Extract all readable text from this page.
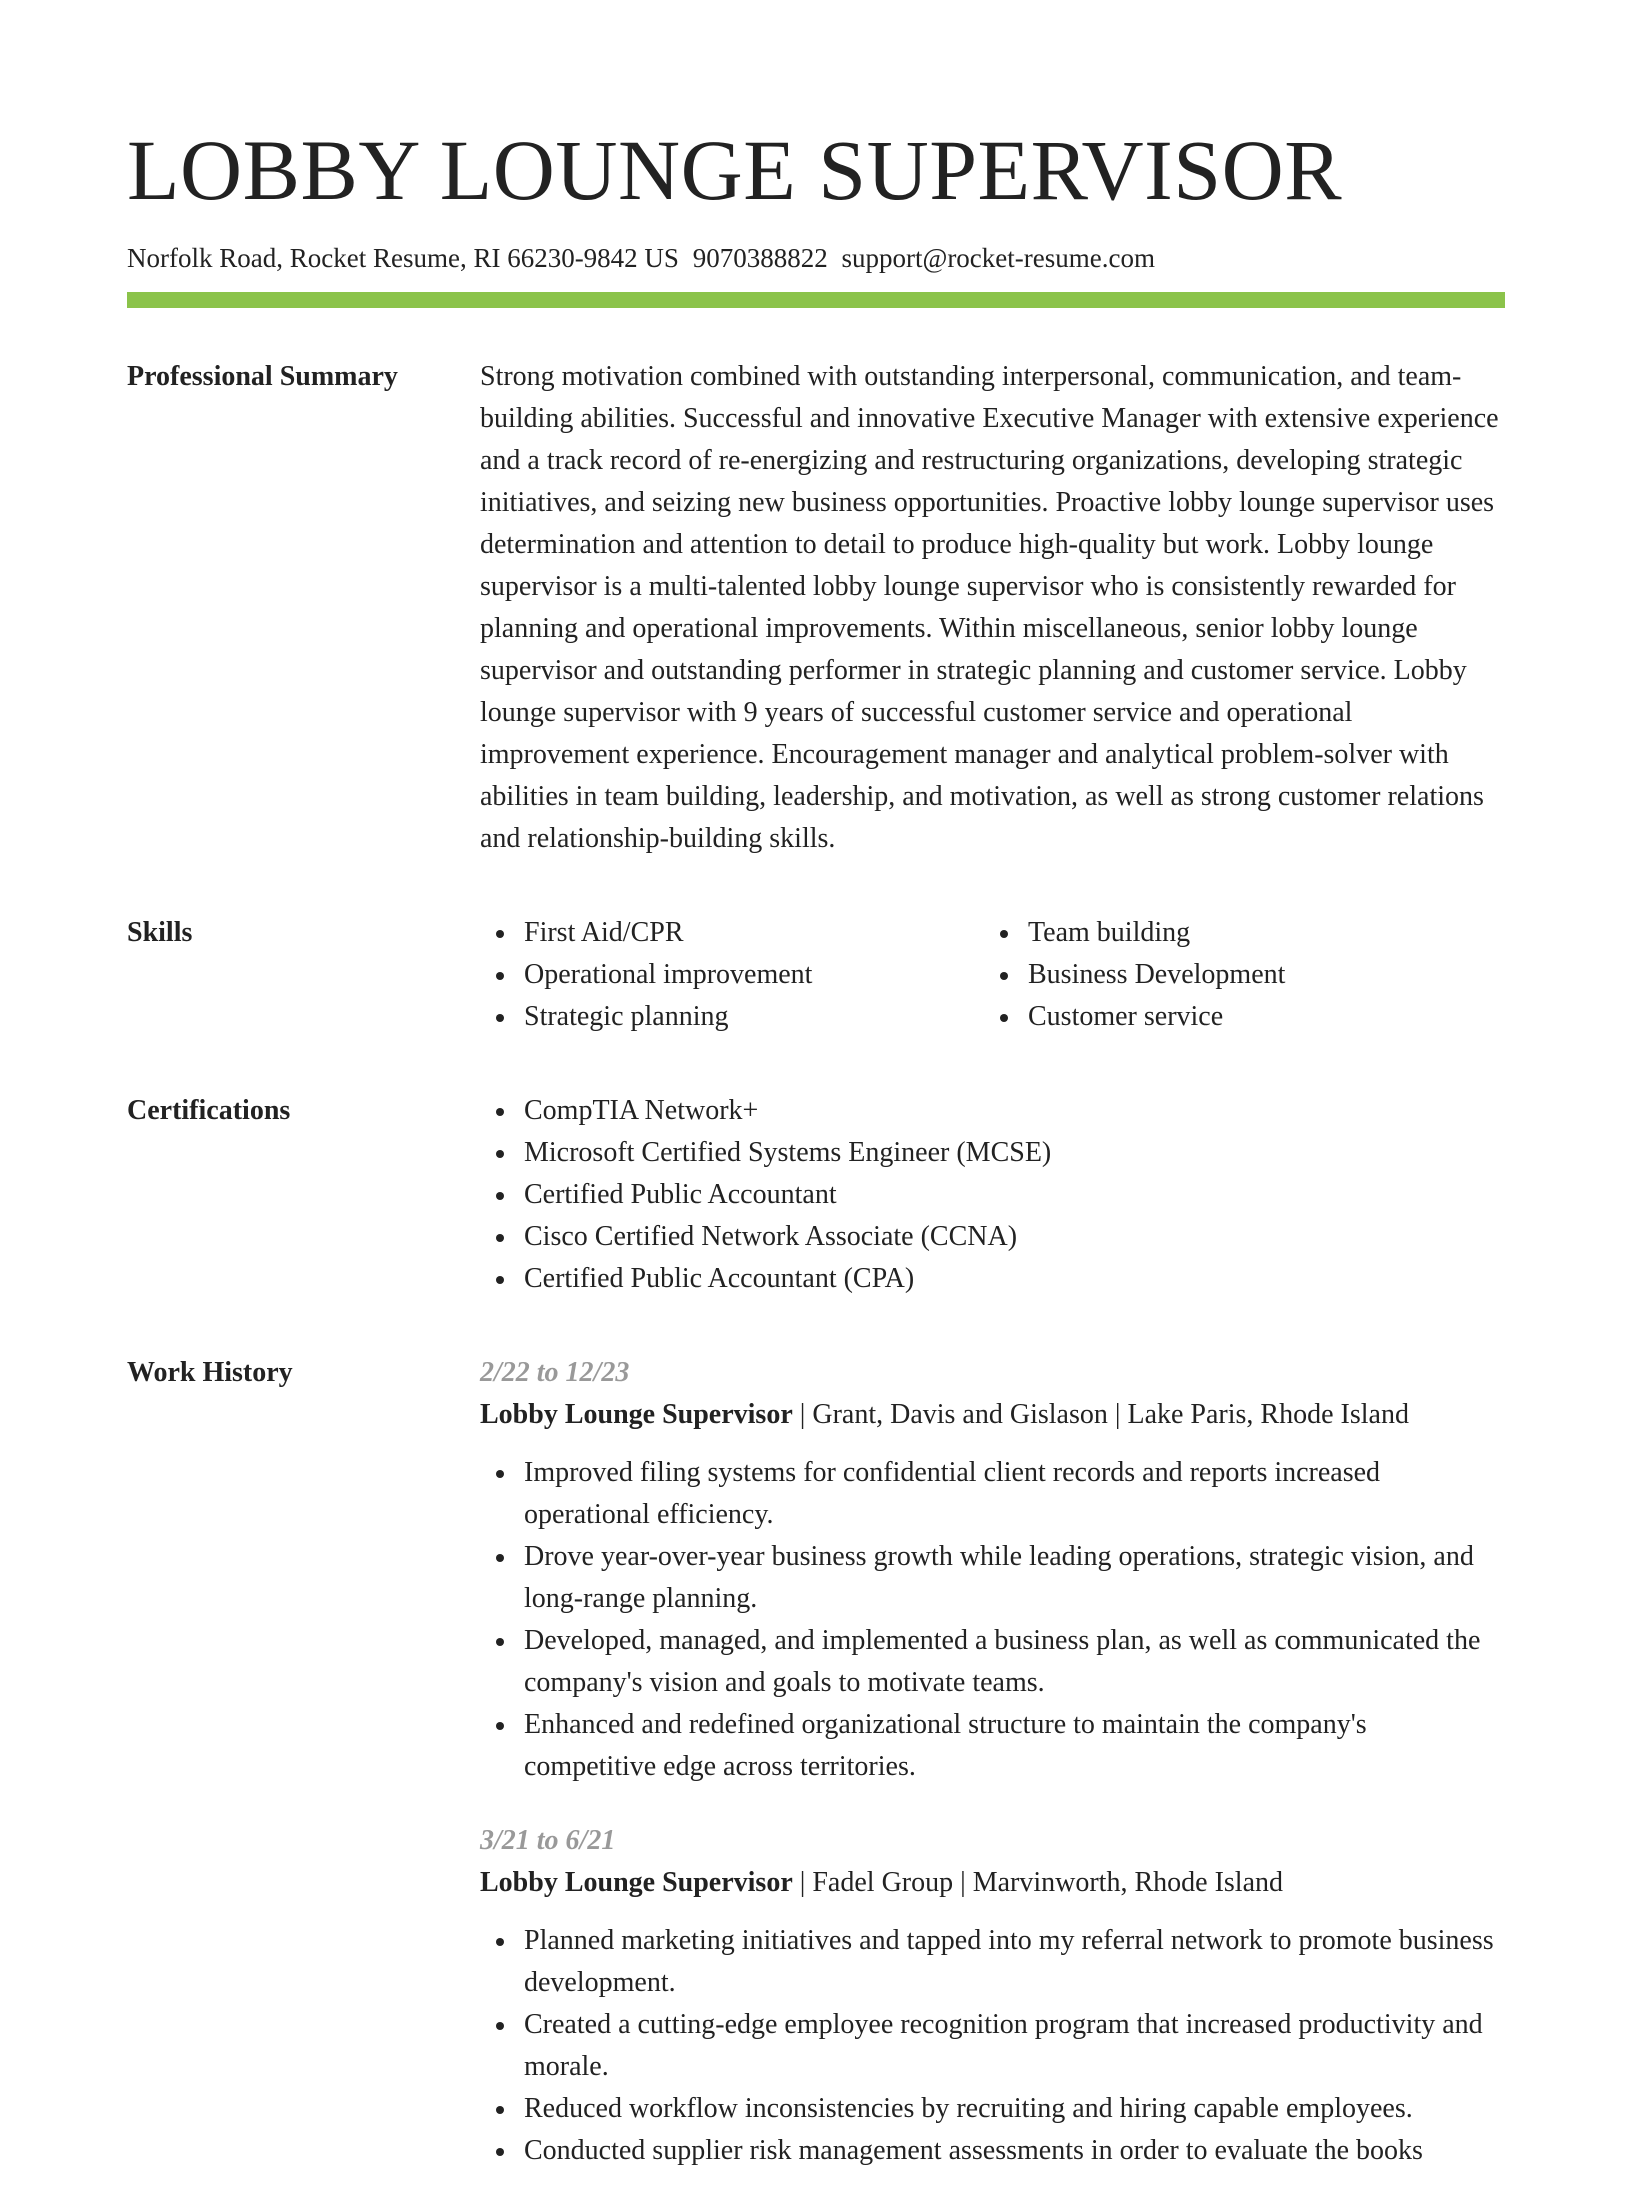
LOBBY LOUNGE SUPERVISOR
Norfolk Road, Rocket Resume, RI 66230-9842 US 9070388822 support@rocket-resume.com
Professional Summary	Strong motivation combined with outstanding interpersonal, communication, and team-building abilities. Successful and innovative Executive Manager with extensive experience and a track record of re-energizing and restructuring organizations, developing strategic initiatives, and seizing new business opportunities. Proactive lobby lounge supervisor uses determination and attention to detail to produce high-quality but work. Lobby lounge supervisor is a multi-talented lobby lounge supervisor who is consistently rewarded for planning and operational improvements. Within miscellaneous, senior lobby lounge supervisor and outstanding performer in strategic planning and customer service. Lobby lounge supervisor with 9 years of successful customer service and operational improvement experience. Encouragement manager and analytical problem-solver with abilities in team building, leadership, and motivation, as well as strong customer relations and relationship-building skills.

Skills	First Aid/CPR
Operational improvement
Strategic planning
Team building
Business Development
Customer service
Certifications	CompTIA Network+
Microsoft Certified Systems Engineer (MCSE)
Certified Public Accountant
Cisco Certified Network Associate (CCNA)
Certified Public Accountant (CPA)
Work History	2/22 to 12/23
Lobby Lounge Supervisor | Grant, Davis and Gislason | Lake Paris, Rhode Island
Improved filing systems for confidential client records and reports increased operational efficiency.
Drove year-over-year business growth while leading operations, strategic vision, and long-range planning.
Developed, managed, and implemented a business plan, as well as communicated the company's vision and goals to motivate teams.
Enhanced and redefined organizational structure to maintain the company's competitive edge across territories.
3/21 to 6/21
Lobby Lounge Supervisor | Fadel Group | Marvinworth, Rhode Island
Planned marketing initiatives and tapped into my referral network to promote business development.
Created a cutting-edge employee recognition program that increased productivity and morale.
Reduced workflow inconsistencies by recruiting and hiring capable employees.
Conducted supplier risk management assessments in order to evaluate the books
